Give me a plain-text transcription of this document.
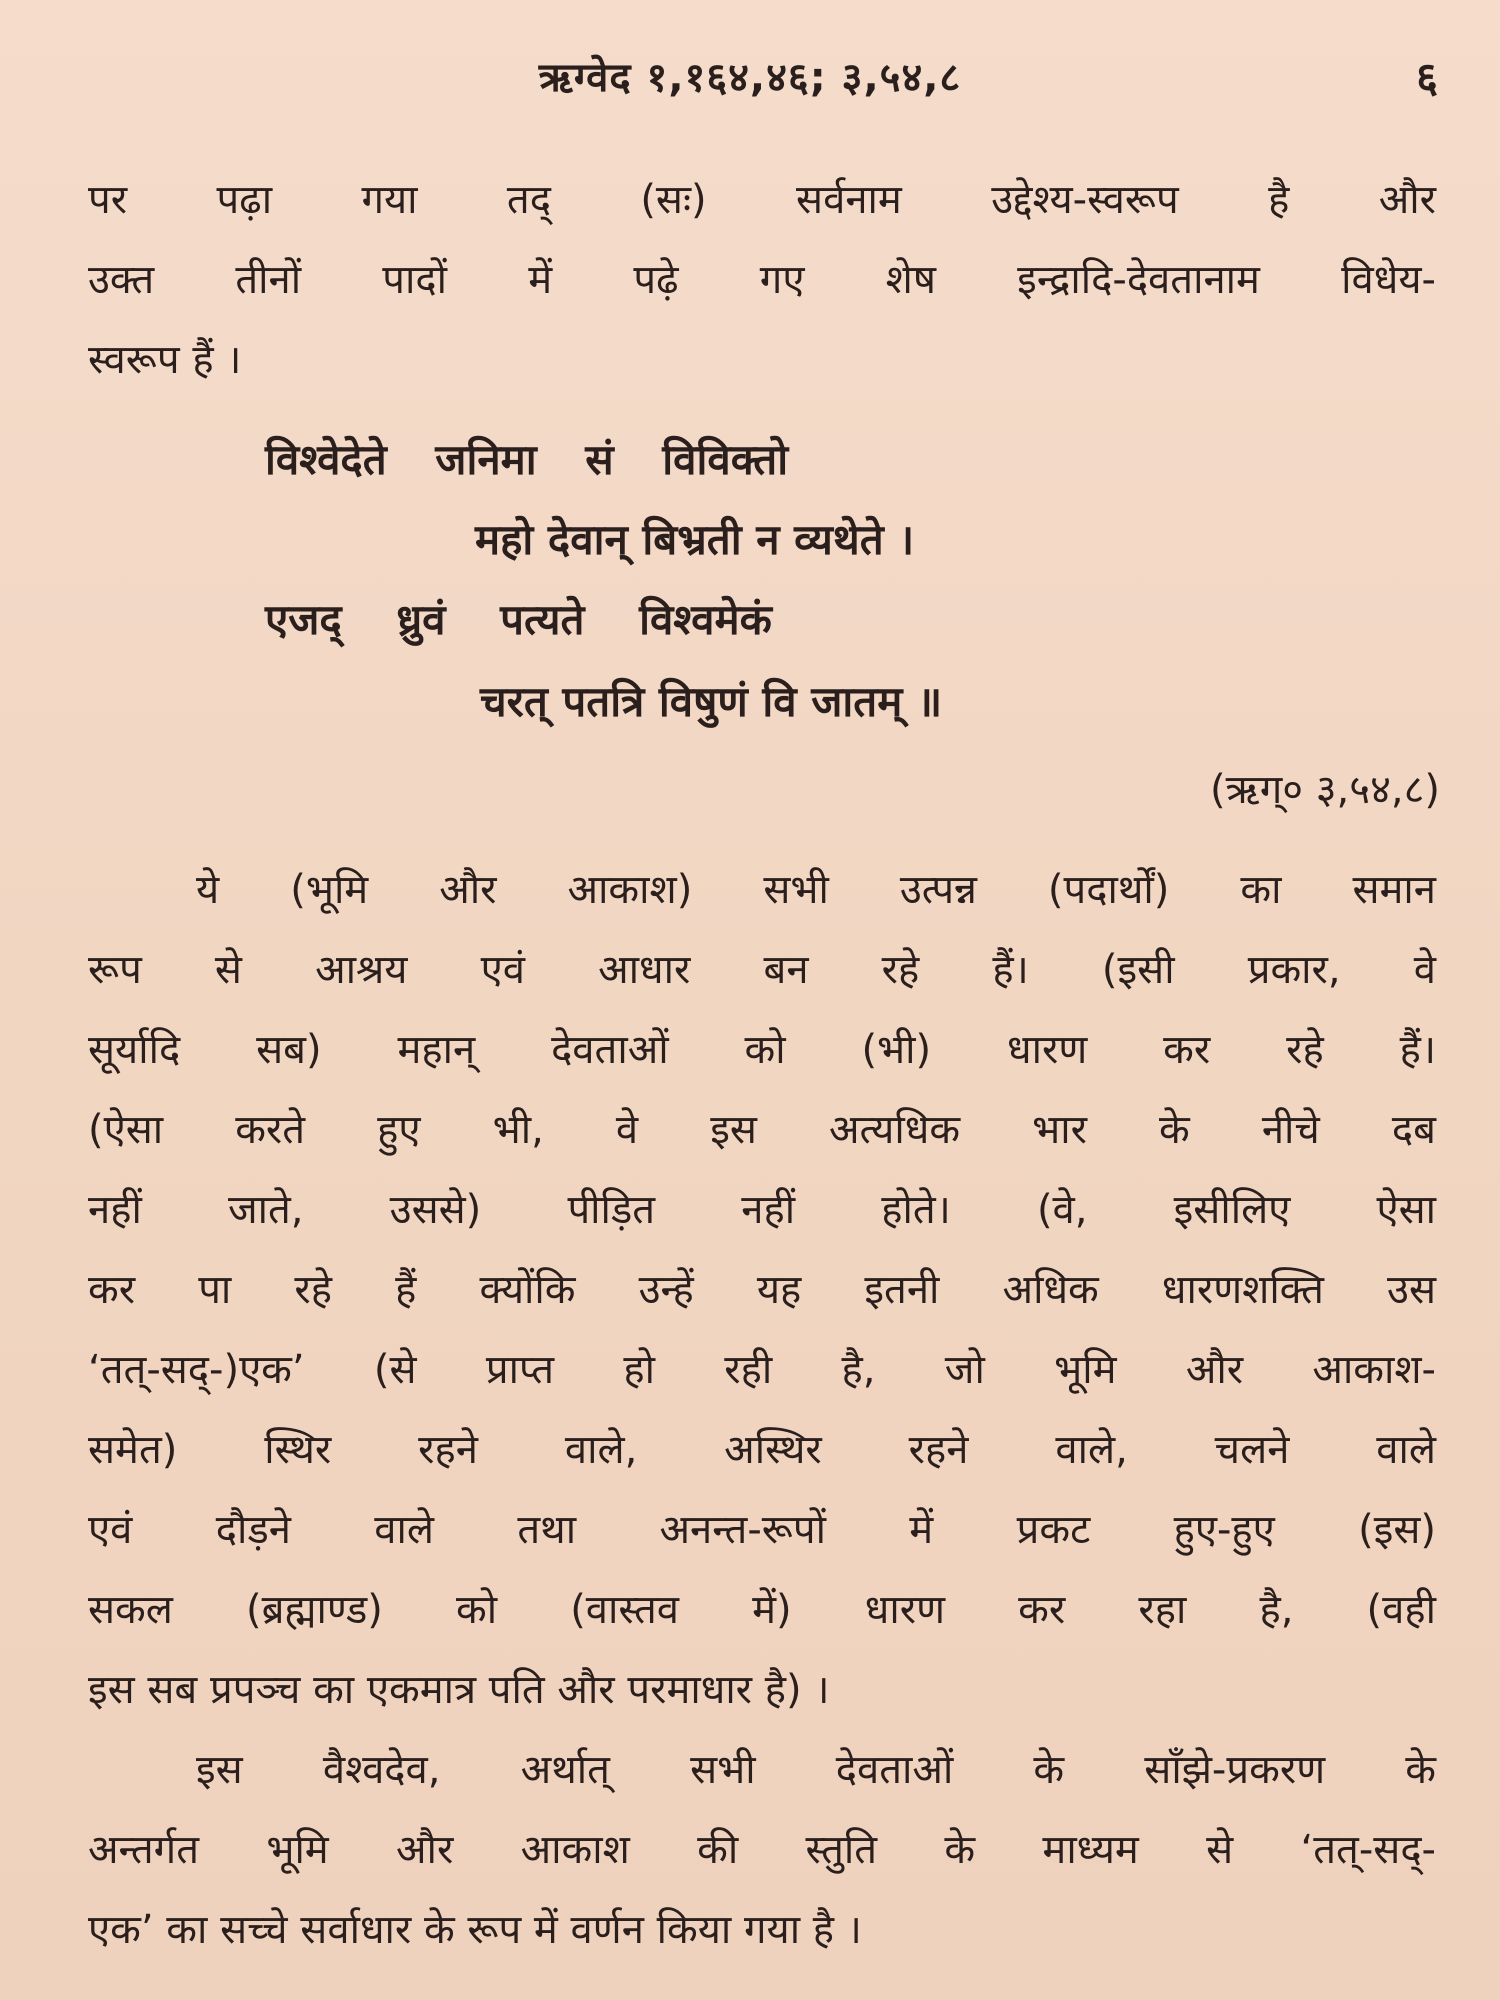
ऋग्वेद १,१६४,४६; ३,५४,८	६
पर पढ़ा गया तद् (सः) सर्वनाम उद्देश्य-स्वरूप है और
उक्त तीनों पादों में पढ़े गए शेष इन्द्रादि-देवतानाम विधेय-
स्वरूप हैं ।
विश्वेदेते जनिमा सं विविक्तो
महो देवान् बिभ्रती न व्यथेते ।
एजद् ध्रुवं पत्यते विश्वमेकं
चरत् पतत्रि विषुणं वि जातम् ॥
(ऋग्० ३,५४,८)
ये (भूमि और आकाश) सभी उत्पन्न (पदार्थों) का समान
रूप से आश्रय एवं आधार बन रहे हैं। (इसी प्रकार, वे
सूर्यादि सब) महान् देवताओं को (भी) धारण कर रहे हैं।
(ऐसा करते हुए भी, वे इस अत्यधिक भार के नीचे दब
नहीं जाते, उससे) पीड़ित नहीं होते। (वे, इसीलिए ऐसा
कर पा रहे हैं क्योंकि उन्हें यह इतनी अधिक धारणशक्ति उस
‘तत्-सद्-)एक’ (से प्राप्त हो रही है, जो भूमि और आकाश-
समेत) स्थिर रहने वाले, अस्थिर रहने वाले, चलने वाले
एवं दौड़ने वाले तथा अनन्त-रूपों में प्रकट हुए-हुए (इस)
सकल (ब्रह्माण्ड) को (वास्तव में) धारण कर रहा है, (वही
इस सब प्रपञ्च का एकमात्र पति और परमाधार है) ।
इस वैश्वदेव, अर्थात् सभी देवताओं के साँझे-प्रकरण के
अन्तर्गत भूमि और आकाश की स्तुति के माध्यम से ‘तत्-सद्-
एक’ का सच्चे सर्वाधार के रूप में वर्णन किया गया है ।
